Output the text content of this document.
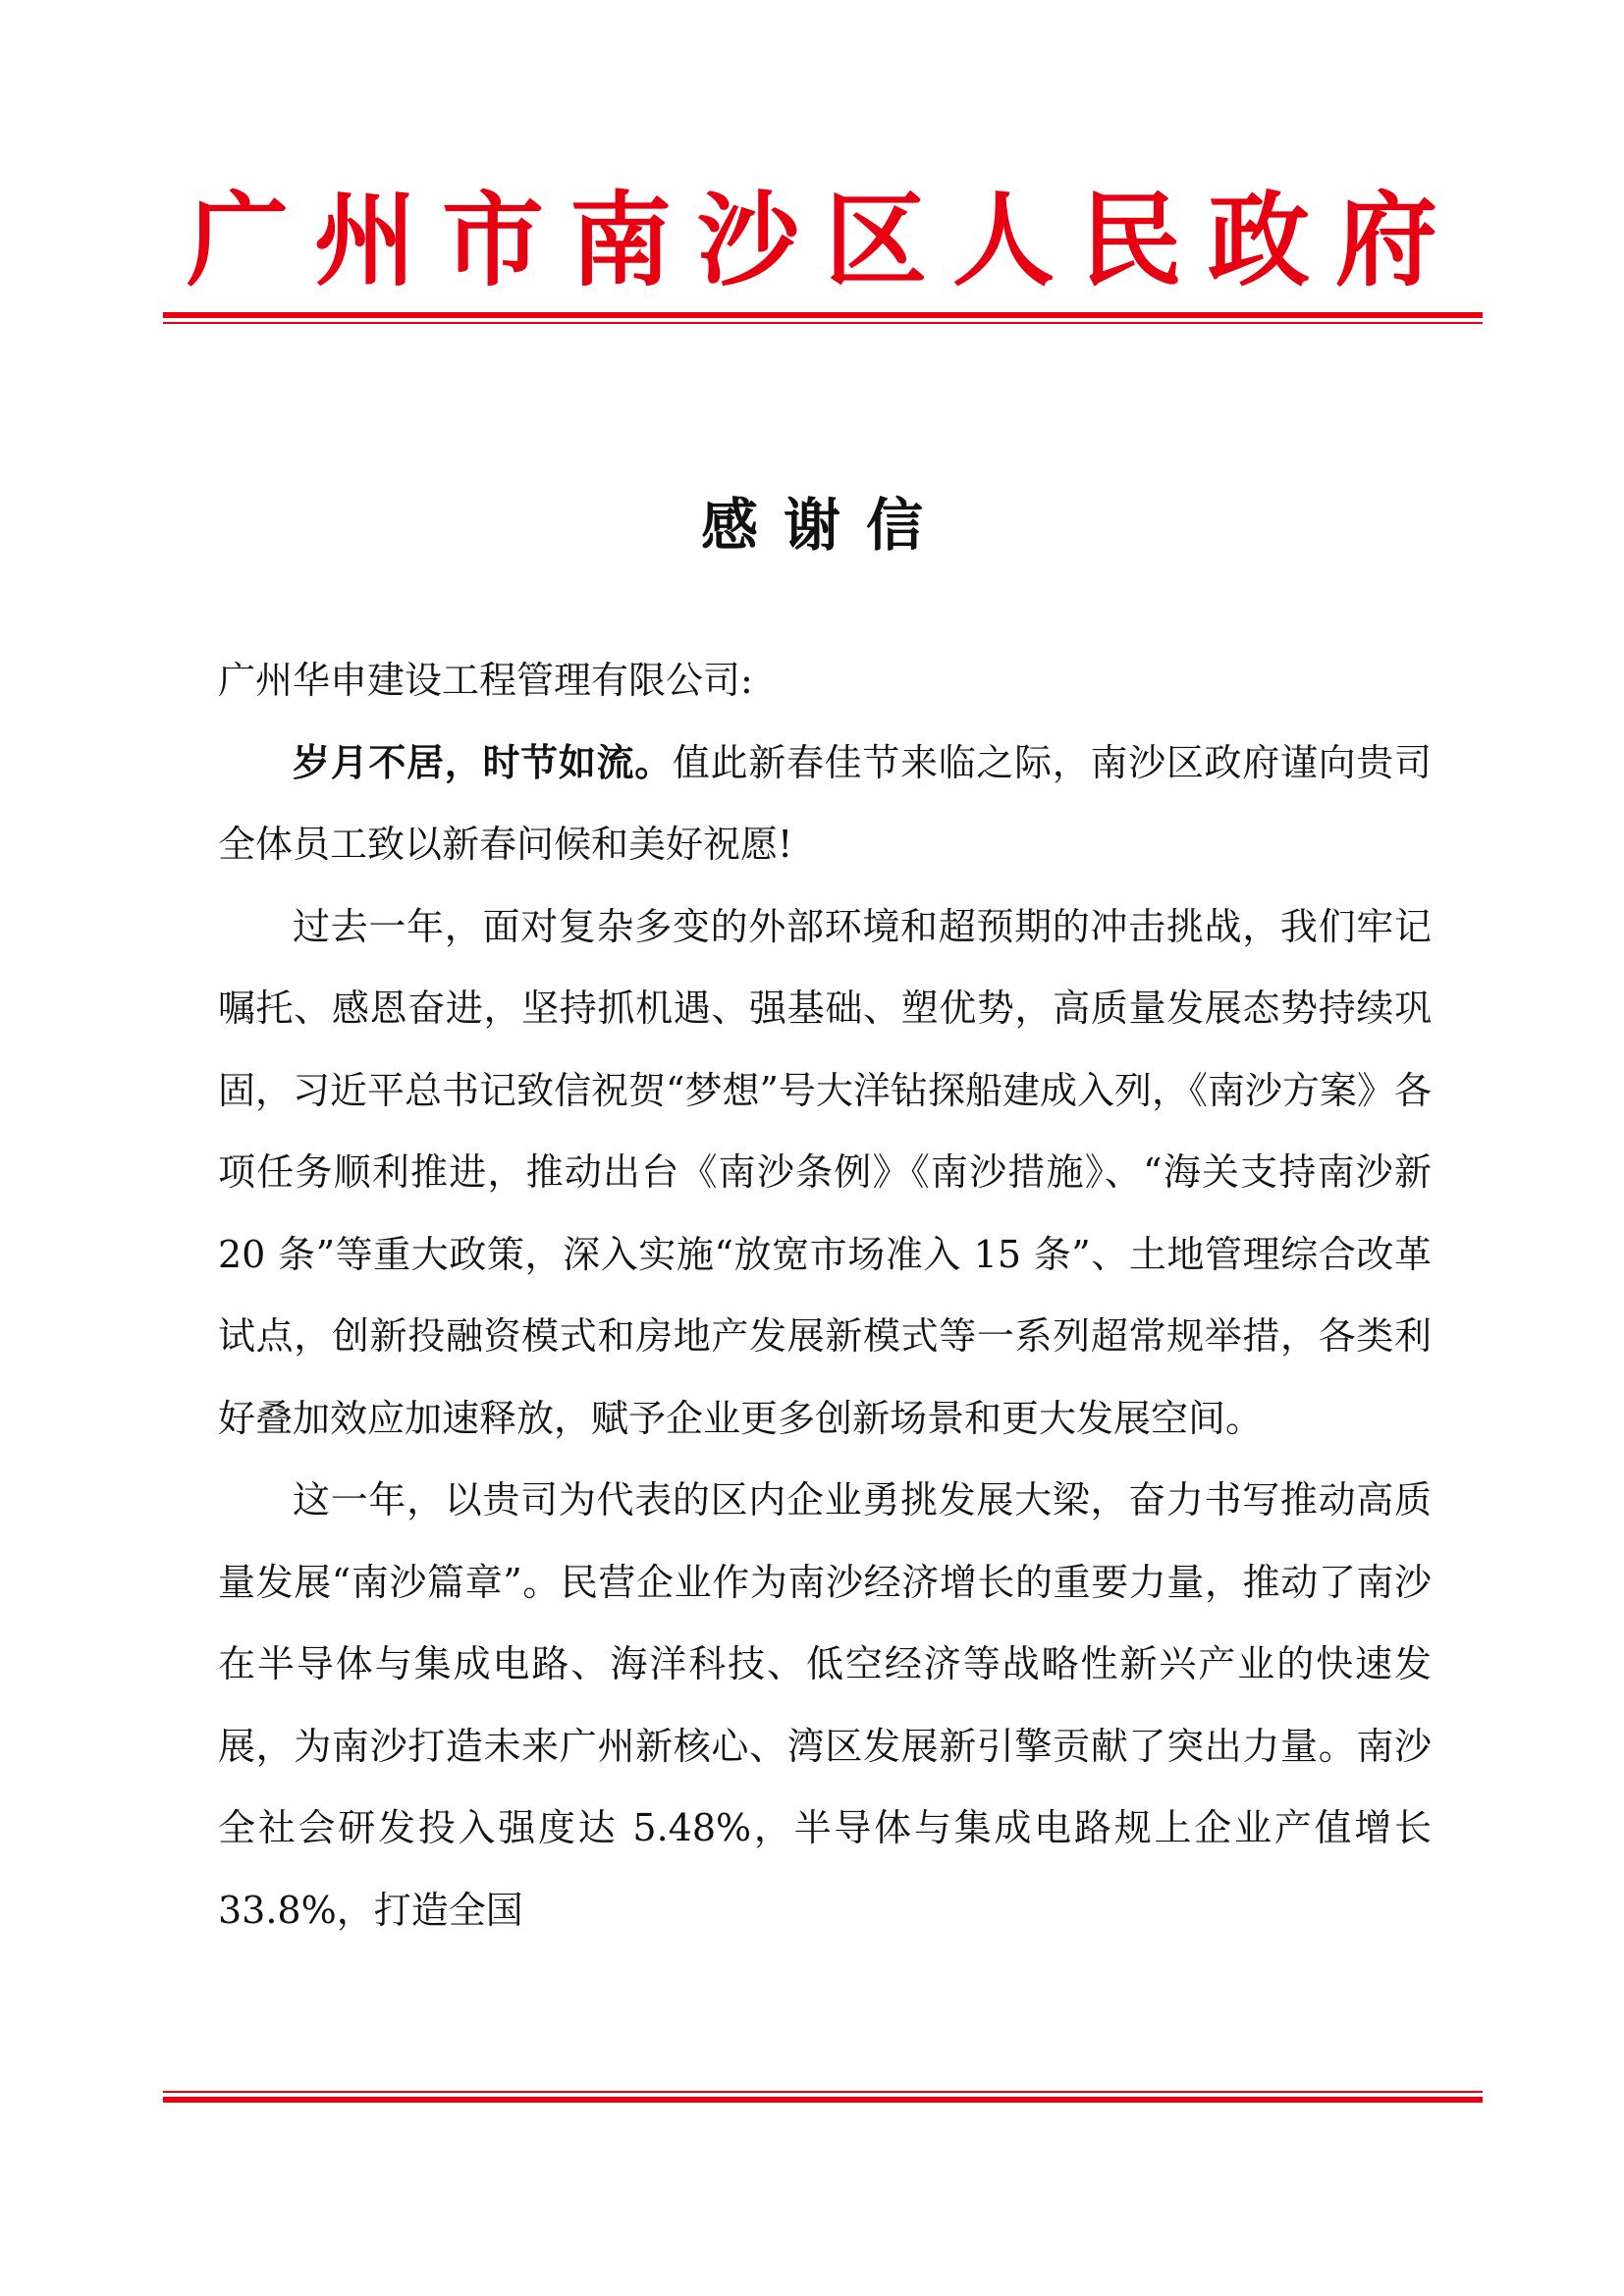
广州市南沙区人民政府
感谢信

广州华申建设工程管理有限公司:

岁月不居，时节如流。值此新春佳节来临之际，南沙区政府谨向贵司全体员工致以新春问候和美好祝愿!

过去一年，面对复杂多变的外部环境和超预期的冲击挑战，我们牢记嘱托、感恩奋进，坚持抓机遇、强基础、塑优势，高质量发展态势持续巩固，习近平总书记致信祝贺“梦想”号大洋钻探船建成入列，《南沙方案》各项任务顺利推进，推动出台《南沙条例》《南沙措施》、“海关支持南沙新 20 条”等重大政策，深入实施“放宽市场准入 15 条”、土地管理综合改革试点，创新投融资模式和房地产发展新模式等一系列超常规举措，各类利好叠加效应加速释放，赋予企业更多创新场景和更大发展空间。

这一年，以贵司为代表的区内企业勇挑发展大梁，奋力书写推动高质量发展“南沙篇章”。民营企业作为南沙经济增长的重要力量，推动了南沙在半导体与集成电路、海洋科技、低空经济等战略性新兴产业的快速发展，为南沙打造未来广州新核心、湾区发展新引擎贡献了突出力量。南沙全社会研发投入强度达 5.48%，半导体与集成电路规上企业产值增长 33.8%，打造全国
